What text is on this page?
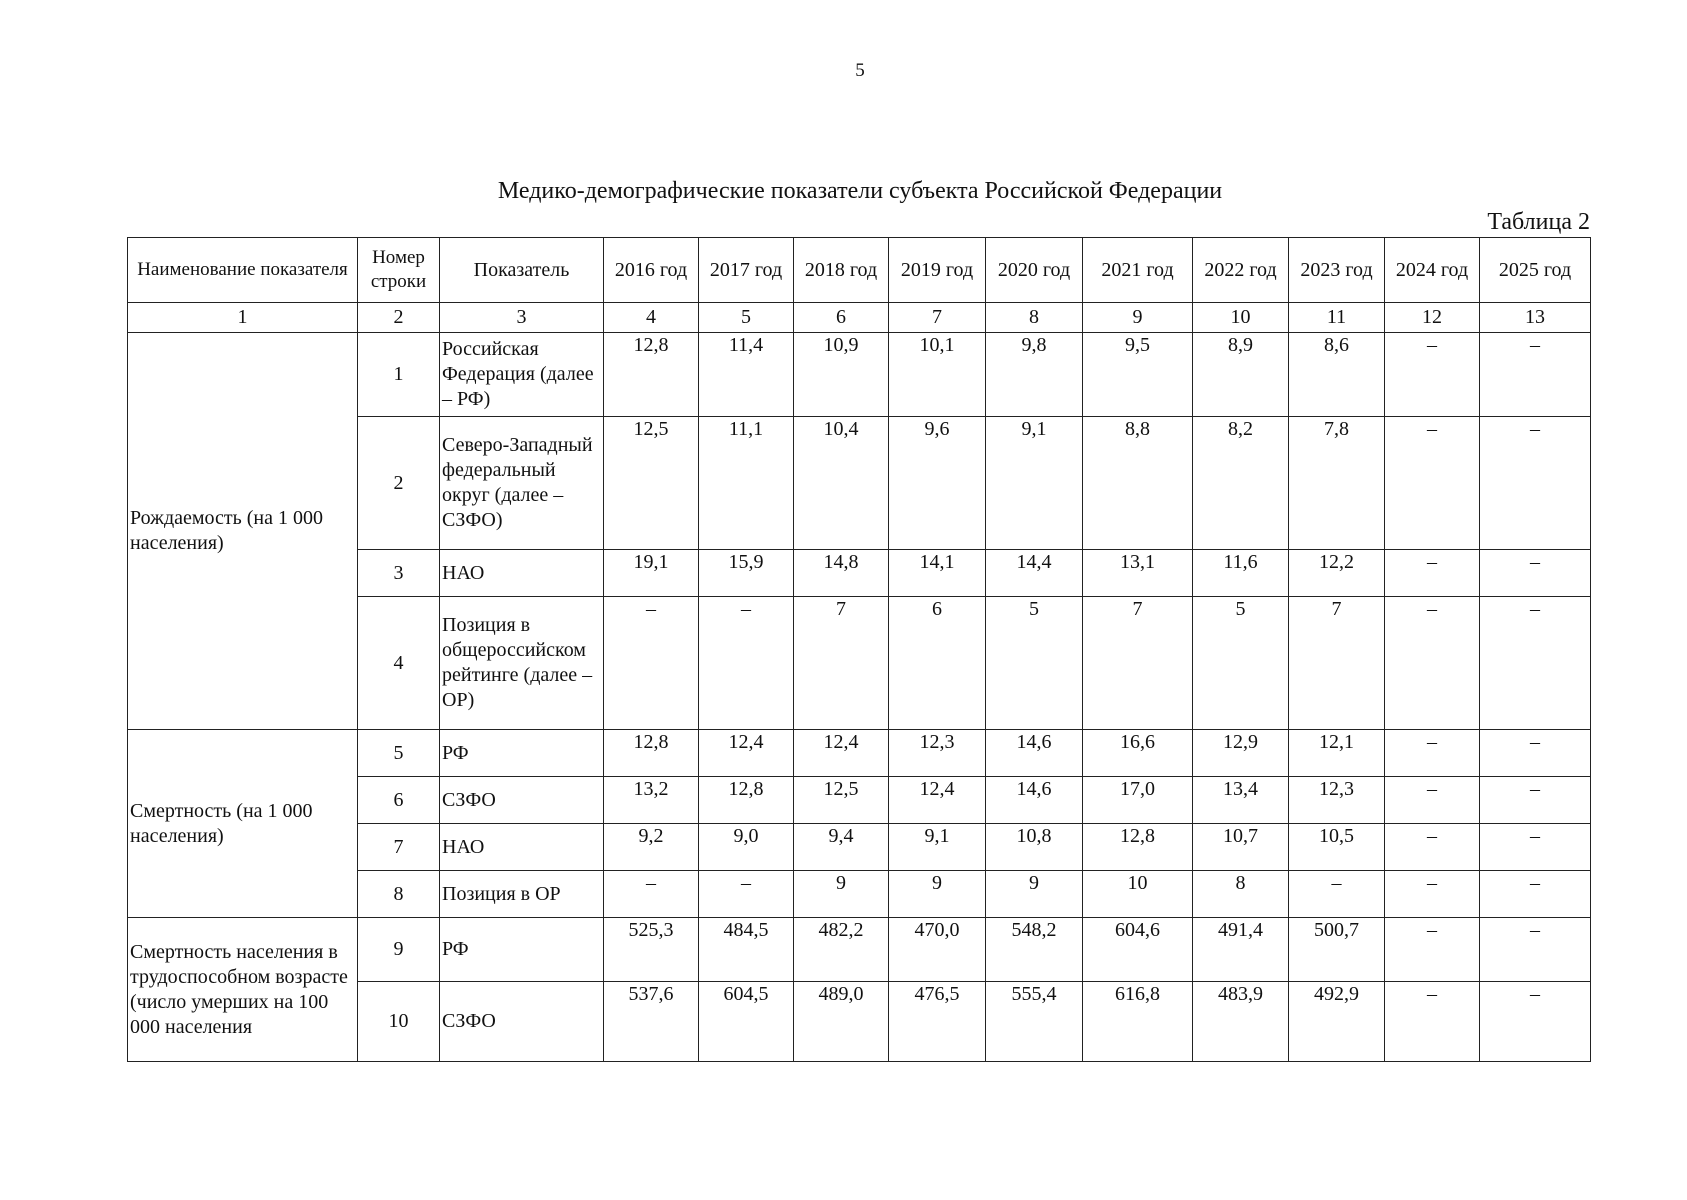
5
Медико-демографические показатели субъекта Российской Федерации
Таблица 2
Наименование показателя	Номер строки	Показатель	2016 год	2017 год	2018 год	2019 год	2020 год	2021 год	2022 год	2023 год	2024 год	2025 год
1	2	3	4	5	6	7	8	9	10	11	12	13
Рождаемость (на 1 000 населения)	1	Российская Федерация (далее – РФ)	12,8	11,4	10,9	10,1	9,8	9,5	8,9	8,6	–	–
	2	Северо-Западный федеральный округ (далее – СЗФО)	12,5	11,1	10,4	9,6	9,1	8,8	8,2	7,8	–	–
	3	НАО	19,1	15,9	14,8	14,1	14,4	13,1	11,6	12,2	–	–
	4	Позиция в общероссийском рейтинге (далее – ОР)	–	–	7	6	5	7	5	7	–	–
Смертность (на 1 000 населения)	5	РФ	12,8	12,4	12,4	12,3	14,6	16,6	12,9	12,1	–	–
	6	СЗФО	13,2	12,8	12,5	12,4	14,6	17,0	13,4	12,3	–	–
	7	НАО	9,2	9,0	9,4	9,1	10,8	12,8	10,7	10,5	–	–
	8	Позиция в ОР	–	–	9	9	9	10	8	–	–	–
Смертность населения в трудоспособном возрасте (число умерших на 100 000 населения	9	РФ	525,3	484,5	482,2	470,0	548,2	604,6	491,4	500,7	–	–
	10	СЗФО	537,6	604,5	489,0	476,5	555,4	616,8	483,9	492,9	–	–
